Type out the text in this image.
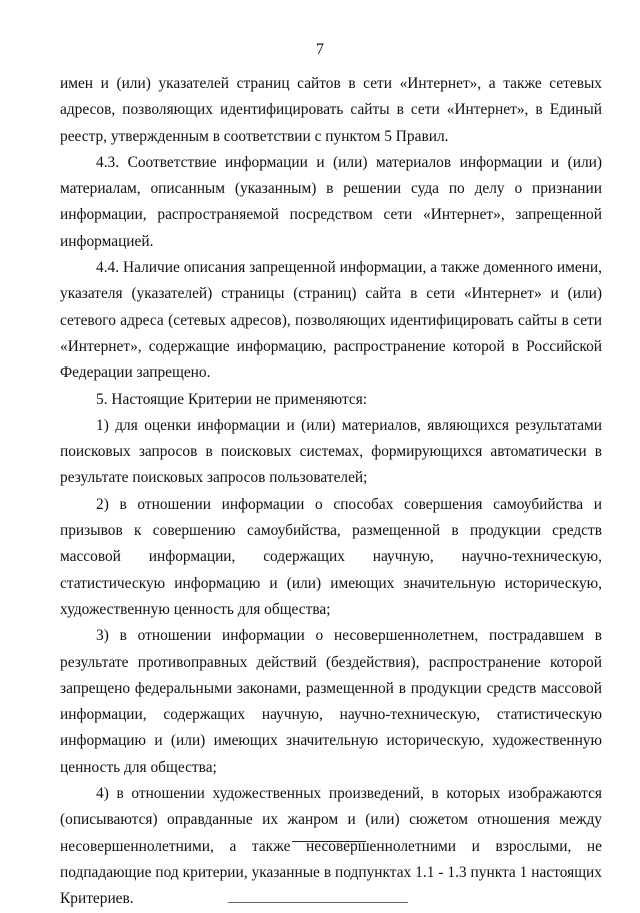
7

имен и (или) указателей страниц сайтов в сети «Интернет», а также сетевых адресов, позволяющих идентифицировать сайты в сети «Интернет», в Единый реестр, утвержденным в соответствии с пунктом 5 Правил.

4.3. Соответствие информации и (или) материалов информации и (или) материалам, описанным (указанным) в решении суда по делу о признании информации, распространяемой посредством сети «Интернет», запрещенной информацией.

4.4. Наличие описания запрещенной информации, а также доменного имени, указателя (указателей) страницы (страниц) сайта в сети «Интернет» и (или) сетевого адреса (сетевых адресов), позволяющих идентифицировать сайты в сети «Интернет», содержащие информацию, распространение которой в Российской Федерации запрещено.

5. Настоящие Критерии не применяются:

1) для оценки информации и (или) материалов, являющихся результатами поисковых запросов в поисковых системах, формирующихся автоматически в результате поисковых запросов пользователей;

2) в отношении информации о способах совершения самоубийства и призывов к совершению самоубийства, размещенной в продукции средств массовой информации, содержащих научную, научно-техническую, статистическую информацию и (или) имеющих значительную историческую, художественную ценность для общества;

3) в отношении информации о несовершеннолетнем, пострадавшем в результате противоправных действий (бездействия), распространение которой запрещено федеральными законами, размещенной в продукции средств массовой информации, содержащих научную, научно-техническую, статистическую информацию и (или) имеющих значительную историческую, художественную ценность для общества;

4) в отношении художественных произведений, в которых изображаются (описываются) оправданные их жанром и (или) сюжетом отношения между несовершеннолетними, а также несовершеннолетними и взрослыми, не подпадающие под критерии, указанные в подпунктах 1.1 - 1.3 пункта 1 настоящих Критериев.
